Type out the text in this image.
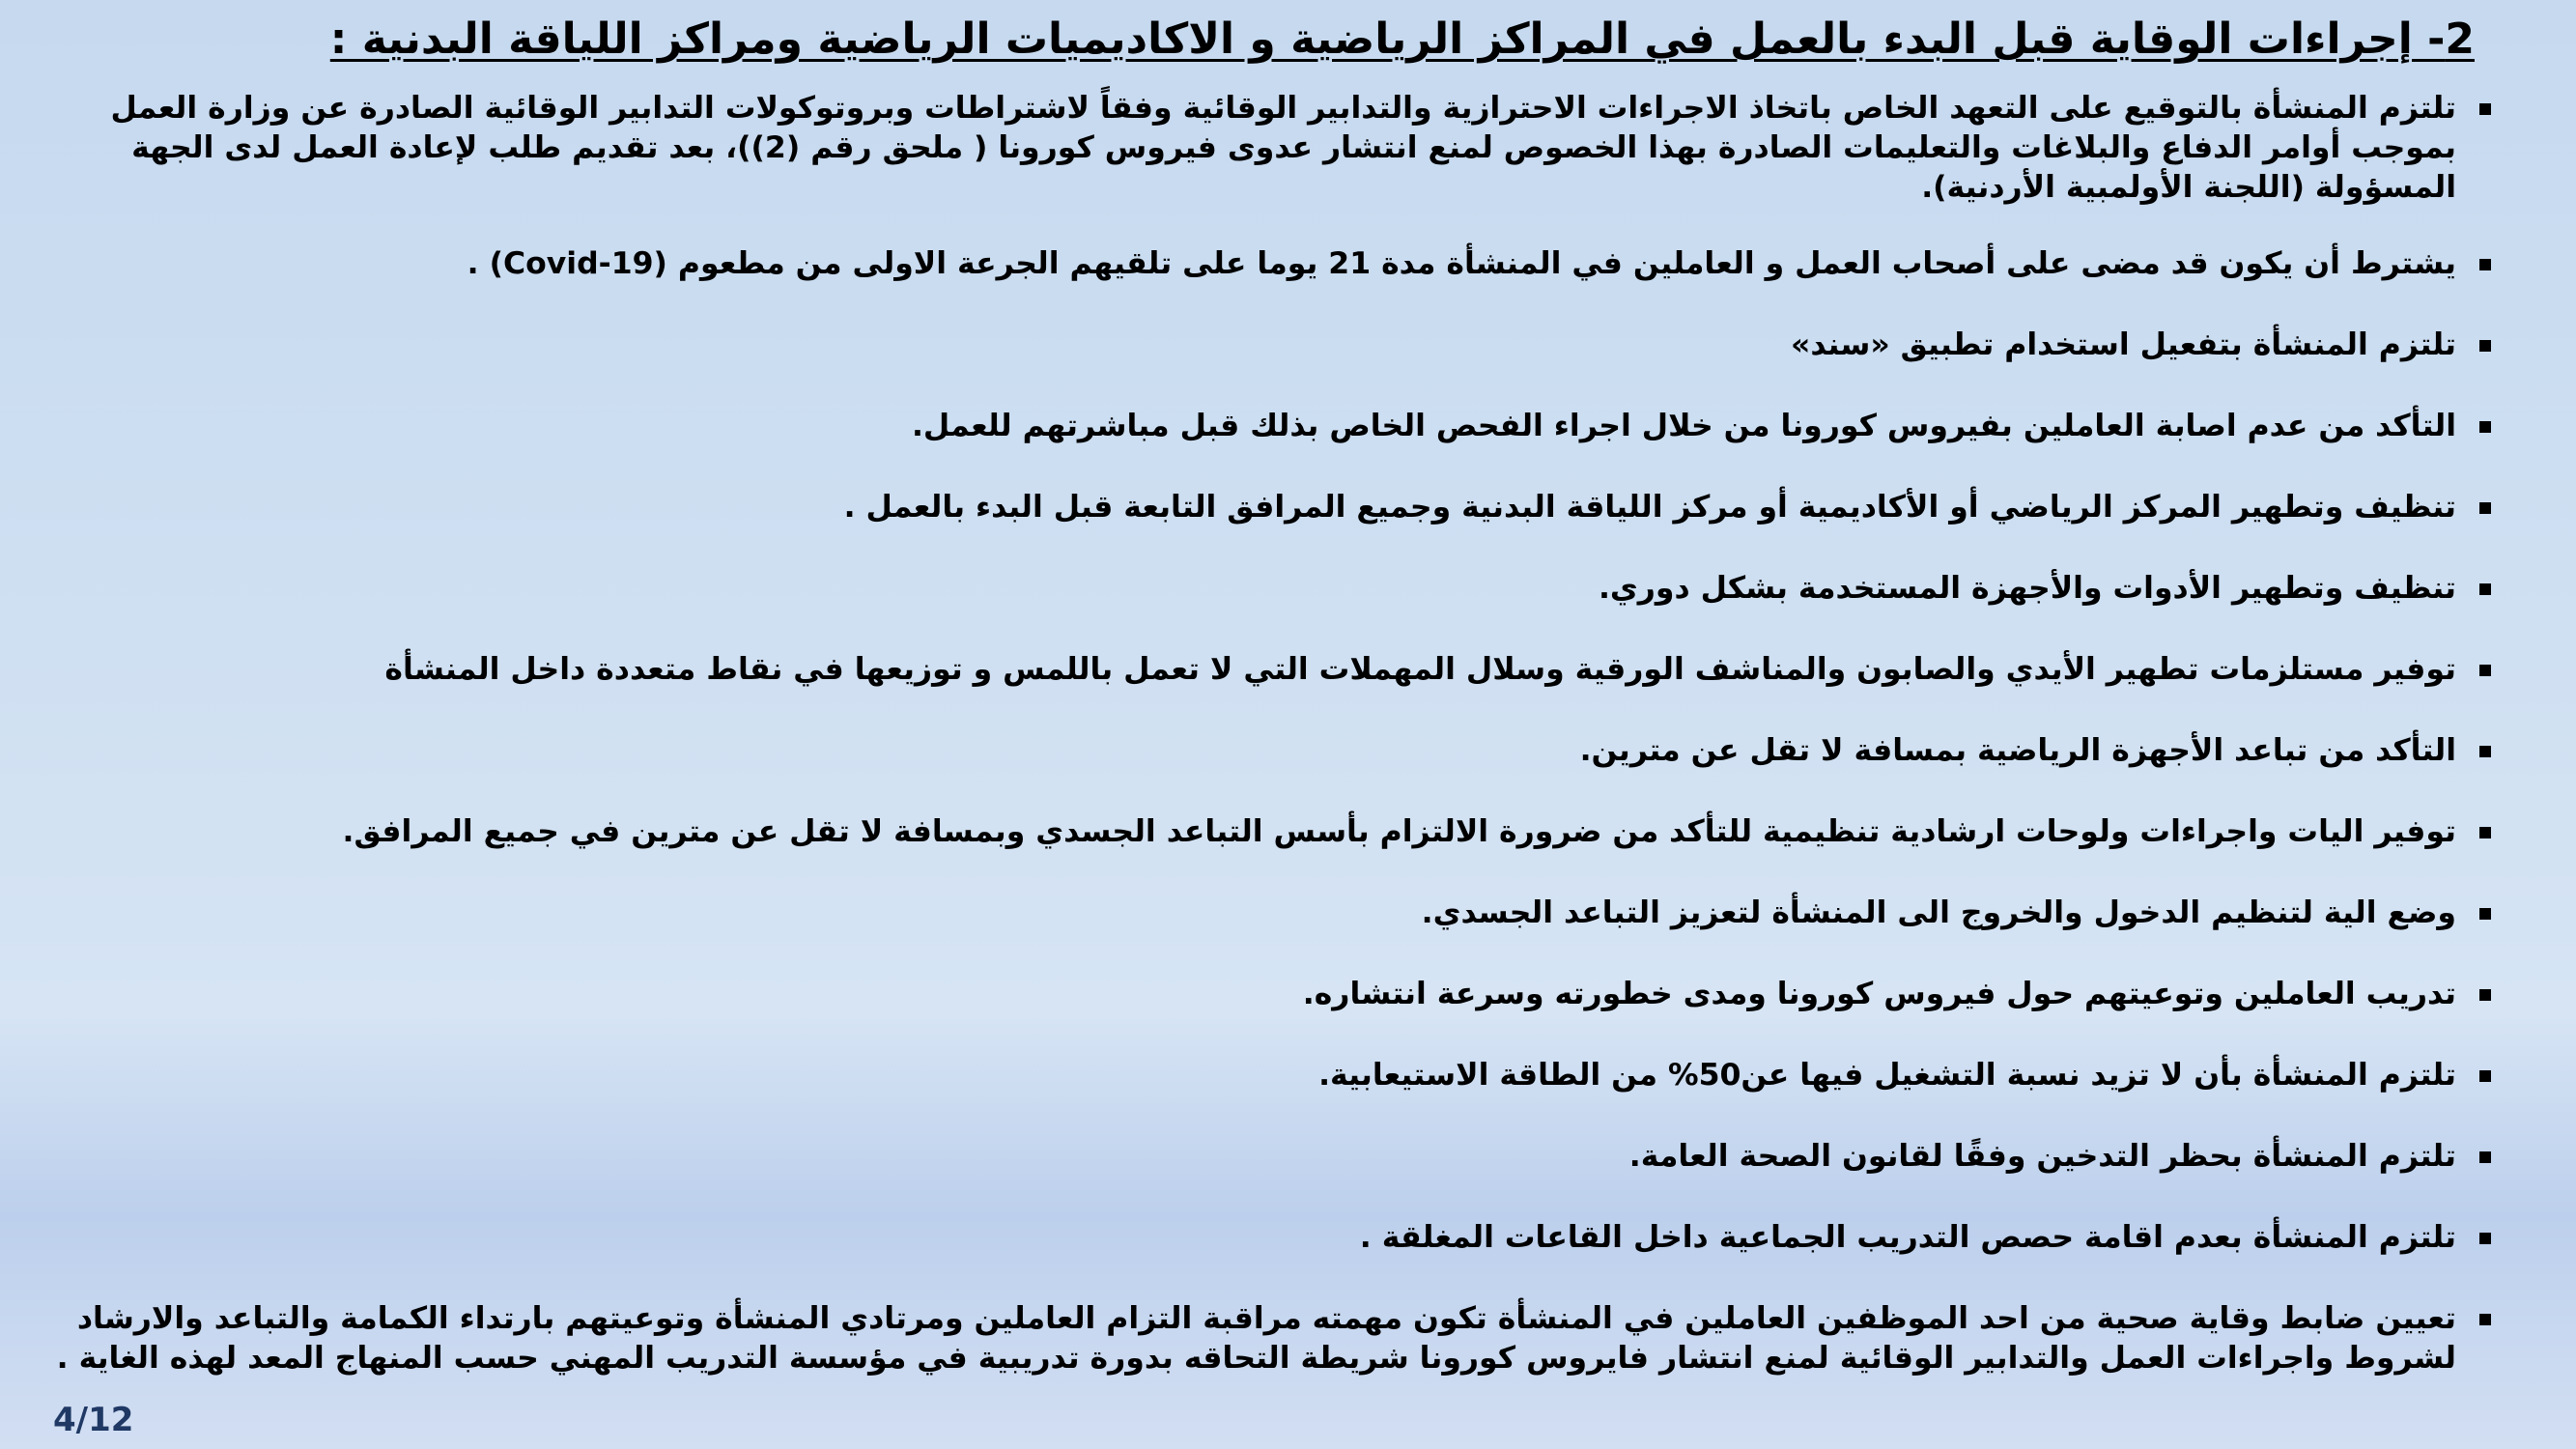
2- إجراءات الوقاية قبل البدء بالعمل في المراكز الرياضية و الاكاديميات الرياضية ومراكز اللياقة البدنية :
تلتزم المنشأة بالتوقيع على التعهد الخاص باتخاذ الاجراءات الاحترازية والتدابير الوقائية وفقاً لاشتراطات وبروتوكولات التدابير الوقائية الصادرة عن وزارة العمل بموجب أوامر الدفاع والبلاغات والتعليمات الصادرة بهذا الخصوص لمنع انتشار عدوى فيروس كورونا ( ملحق رقم (2))، بعد تقديم طلب لإعادة العمل لدى الجهة المسؤولة (اللجنة الأولمبية الأردنية).
يشترط أن يكون قد مضى على أصحاب العمل و العاملين في المنشأة مدة 21 يوما على تلقيهم الجرعة الاولى من مطعوم (Covid-19) .
تلتزم المنشأة بتفعيل استخدام تطبيق «سند»
التأكد من عدم اصابة العاملين بفيروس كورونا من خلال اجراء الفحص الخاص بذلك قبل مباشرتهم للعمل.
تنظيف وتطهير المركز الرياضي أو الأكاديمية أو مركز اللياقة البدنية وجميع المرافق التابعة قبل البدء بالعمل .
تنظيف وتطهير الأدوات والأجهزة المستخدمة بشكل دوري.
توفير مستلزمات تطهير الأيدي والصابون والمناشف الورقية وسلال المهملات التي لا تعمل باللمس و توزيعها في نقاط متعددة داخل المنشأة
التأكد من تباعد الأجهزة الرياضية بمسافة لا تقل عن مترين.
توفير اليات واجراءات ولوحات ارشادية تنظيمية للتأكد من ضرورة الالتزام بأسس التباعد الجسدي وبمسافة لا تقل عن مترين في جميع المرافق.
وضع الية لتنظيم الدخول والخروج الى المنشأة لتعزيز التباعد الجسدي.
تدريب العاملين وتوعيتهم حول فيروس كورونا ومدى خطورته وسرعة انتشاره.
تلتزم المنشأة بأن لا تزيد نسبة التشغيل فيها عن50% من الطاقة الاستيعابية.
تلتزم المنشأة بحظر التدخين وفقًا لقانون الصحة العامة.
تلتزم المنشأة بعدم اقامة حصص التدريب الجماعية داخل القاعات المغلقة .
تعيين ضابط وقاية صحية من احد الموظفين العاملين في المنشأة تكون مهمته مراقبة التزام العاملين ومرتادي المنشأة وتوعيتهم بارتداء الكمامة والتباعد والارشاد لشروط واجراءات العمل والتدابير الوقائية لمنع انتشار فايروس كورونا شريطة التحاقه بدورة تدريبية في مؤسسة التدريب المهني حسب المنهاج المعد لهذه الغاية .
4/12
